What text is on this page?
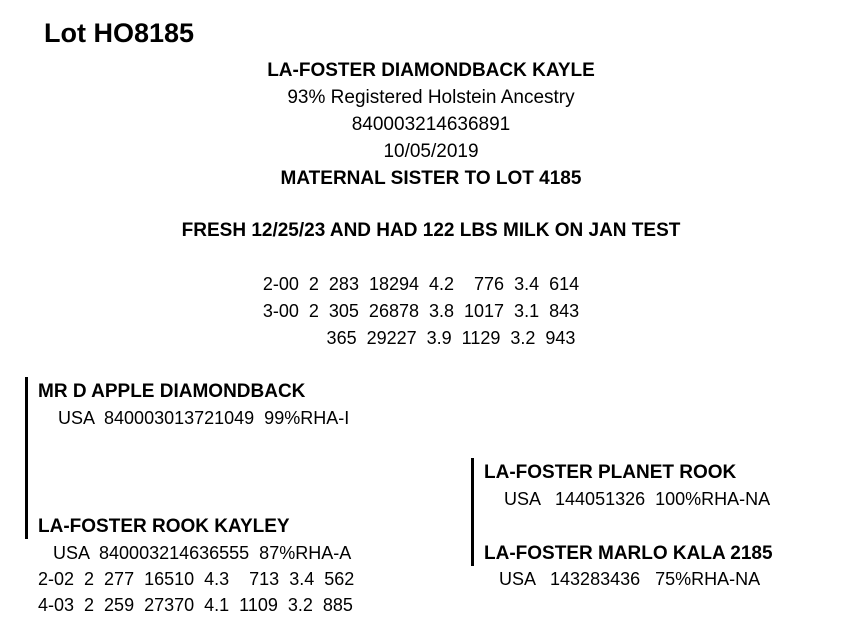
Lot HO8185
LA-FOSTER DIAMONDBACK KAYLE
93% Registered Holstein Ancestry
840003214636891
10/05/2019
MATERNAL SISTER TO LOT 4185
FRESH 12/25/23 AND HAD 122 LBS MILK ON JAN TEST
2-00  2  283  18294  4.2    776  3.4  614
3-00  2  305  26878  3.8  1017  3.1  843
365  29227  3.9  1129  3.2  943
MR D APPLE DIAMONDBACK
USA  840003013721049  99%RHA-I
LA-FOSTER ROOK KAYLEY
USA  840003214636555  87%RHA-A
2-02  2  277  16510  4.3    713  3.4  562
4-03  2  259  27370  4.1  1109  3.2  885
LA-FOSTER PLANET ROOK
USA   144051326  100%RHA-NA
LA-FOSTER MARLO KALA 2185
USA   143283436   75%RHA-NA
